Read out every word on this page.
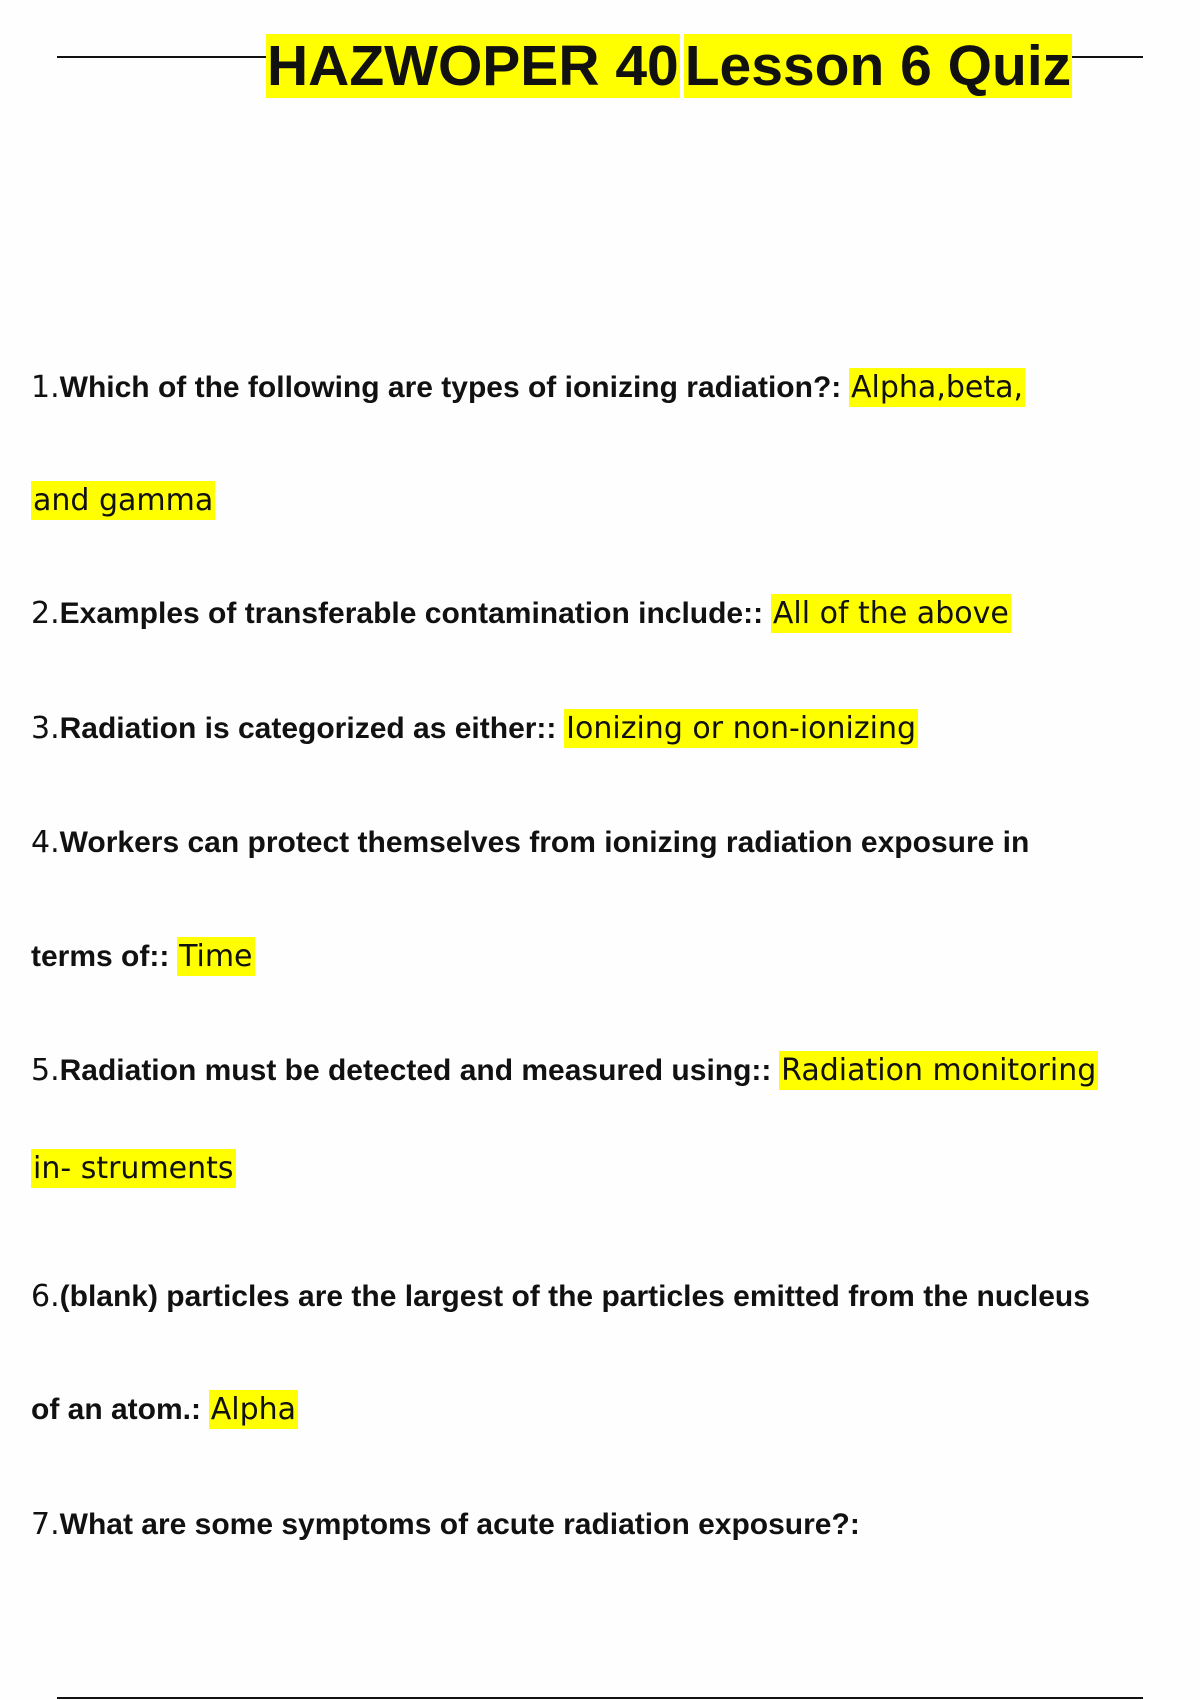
HAZWOPER 40 Lesson 6 Quiz
1.Which of the following are types of ionizing radiation?: Alpha,beta,
and gamma
2.Examples of transferable contamination include:: All of the above
3.Radiation is categorized as either:: Ionizing or non-ionizing
4.Workers can protect themselves from ionizing radiation exposure in
terms of:: Time
5.Radiation must be detected and measured using:: Radiation monitoring
in- struments
6.(blank) particles are the largest of the particles emitted from the nucleus
of an atom.: Alpha
7.What are some symptoms of acute radiation exposure?:
